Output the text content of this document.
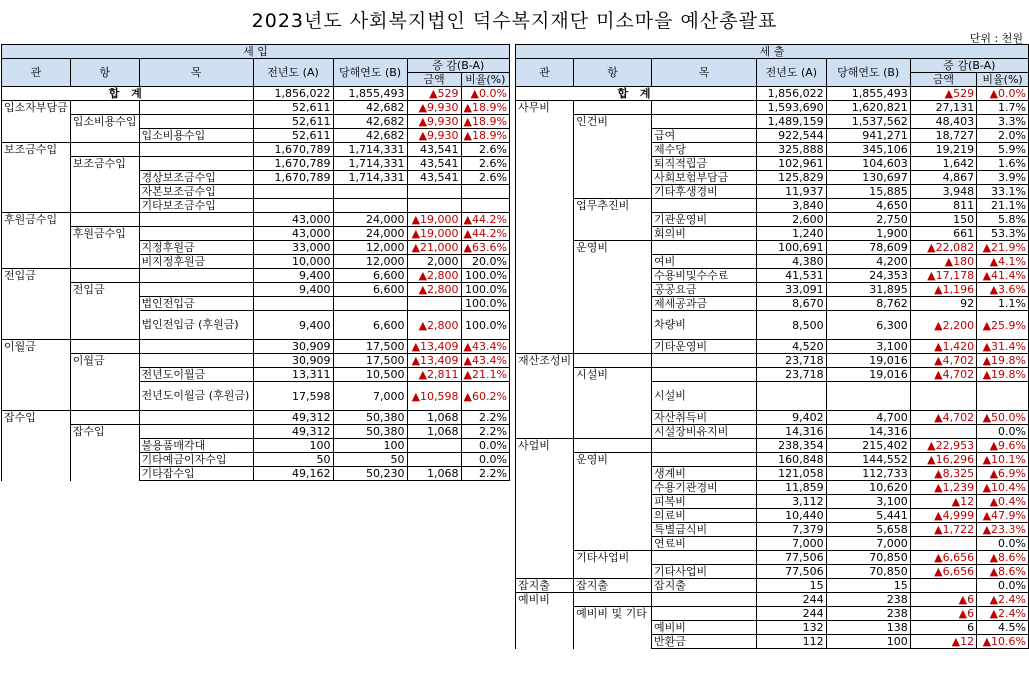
2023년도 사회복지법인 덕수복지재단 미소마을 예산총괄표
단위 : 천원
세 입						
관	항	목	전년도 (A)	당해연도 (B)	증 감(B-A)	
					금액	비율(%)
합 계			1,856,022	1,855,493	▲529	▲0.0%
입소자부담금			52,611	42,682	▲9,930	▲18.9%
	입소비용수입		52,611	42,682	▲9,930	▲18.9%
		입소비용수입	52,611	42,682	▲9,930	▲18.9%
보조금수입			1,670,789	1,714,331	43,541	2.6%
	보조금수입		1,670,789	1,714,331	43,541	2.6%
		경상보조금수입	1,670,789	1,714,331	43,541	2.6%
		자본보조금수입				
		기타보조금수입				
후원금수입			43,000	24,000	▲19,000	▲44.2%
	후원금수입		43,000	24,000	▲19,000	▲44.2%
		지정후원금	33,000	12,000	▲21,000	▲63.6%
		비지정후원금	10,000	12,000	2,000	20.0%
전입금			9,400	6,600	▲2,800	100.0%
	전입금		9,400	6,600	▲2,800	100.0%
		법인전입금				100.0%
		법인전입금 (후원금)	9,400	6,600	▲2,800	100.0%
이월금			30,909	17,500	▲13,409	▲43.4%
	이월금		30,909	17,500	▲13,409	▲43.4%
		전년도이월금	13,311	10,500	▲2,811	▲21.1%
		전년도이월금 (후원금)	17,598	7,000	▲10,598	▲60.2%
잡수입			49,312	50,380	1,068	2.2%
	잡수입		49,312	50,380	1,068	2.2%
		불용품매각대	100	100		0.0%
		기타예금이자수입	50	50		0.0%
		기타잡수입	49,162	50,230	1,068	2.2%
세 출						
관	항	목	전년도 (A)	당해연도 (B)	증 감(B-A)	
					금액	비율(%)
합 계			1,856,022	1,855,493	▲529	▲0.0%
사무비			1,593,690	1,620,821	27,131	1.7%
	인건비		1,489,159	1,537,562	48,403	3.3%
		급여	922,544	941,271	18,727	2.0%
		제수당	325,888	345,106	19,219	5.9%
		퇴직적립금	102,961	104,603	1,642	1.6%
		사회보험부담금	125,829	130,697	4,867	3.9%
		기타후생경비	11,937	15,885	3,948	33.1%
	업무추진비		3,840	4,650	811	21.1%
		기관운영비	2,600	2,750	150	5.8%
		회의비	1,240	1,900	661	53.3%
	운영비		100,691	78,609	▲22,082	▲21.9%
		여비	4,380	4,200	▲180	▲4.1%
		수용비및수수료	41,531	24,353	▲17,178	▲41.4%
		공공요금	33,091	31,895	▲1,196	▲3.6%
		제세공과금	8,670	8,762	92	1.1%
		차량비	8,500	6,300	▲2,200	▲25.9%
		기타운영비	4,520	3,100	▲1,420	▲31.4%
재산조성비			23,718	19,016	▲4,702	▲19.8%
	시설비		23,718	19,016	▲4,702	▲19.8%
		시설비				
		자산취득비	9,402	4,700	▲4,702	▲50.0%
		시설장비유지비	14,316	14,316		0.0%
사업비			238,354	215,402	▲22,953	▲9.6%
	운영비		160,848	144,552	▲16,296	▲10.1%
		생계비	121,058	112,733	▲8,325	▲6.9%
		수용기관경비	11,859	10,620	▲1,239	▲10.4%
		피복비	3,112	3,100	▲12	▲0.4%
		의료비	10,440	5,441	▲4,999	▲47.9%
		특별급식비	7,379	5,658	▲1,722	▲23.3%
		연료비	7,000	7,000		0.0%
	기타사업비		77,506	70,850	▲6,656	▲8.6%
		기타사업비	77,506	70,850	▲6,656	▲8.6%
잡지출	잡지출	잡지출	15	15		0.0%
예비비			244	238	▲6	▲2.4%
	예비비 및 기타		244	238	▲6	▲2.4%
		예비비	132	138	6	4.5%
		반환금	112	100	▲12	▲10.6%
